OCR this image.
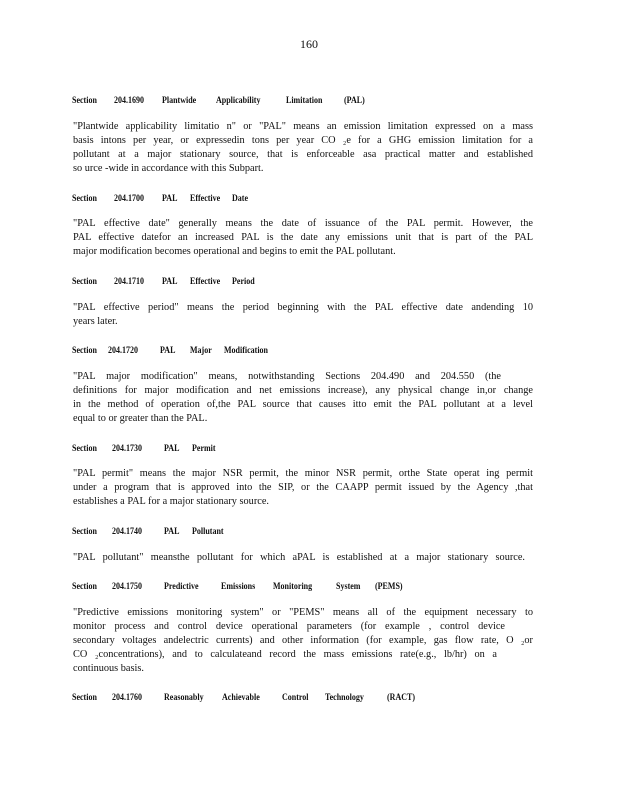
160
Section 204.1690 Plantwide Applicability	Limitation	(PAL)
"Plantwide applicability limitatio n" or "PAL" means an emission limitation expressed on a mass
basis intons per year, or expressedin tons per year CO ₂e for a GHG emission limitation for a
pollutant at a major stationary source, that is enforceable asa practical matter and established
so urce -wide in accordance with this Subpart.
Section 204.1700 PAL Effective Date
"PAL effective date" generally means the date of issuance of the PAL permit. However, the
PAL effective datefor an increased PAL is the date any emissions unit that is part of the PAL
major modification becomes operational and begins to emit the PAL pollutant.
Section 204.1710 PAL Effective Period
"PAL effective period" means the period beginning with the PAL effective date andending 10
years later.
Section 204.1720	PAL Major Modification
"PAL major modification" means, notwithstanding Sections 204.490 and 204.550 (the
definitions for major modification and net emissions increase), any physical change in,or change
in the method of operation of,the PAL source that causes itto emit the PAL pollutant at a level
equal to or greater than the PAL.
Section 204.1730	PAL Permit
"PAL permit" means the major NSR permit, the minor NSR permit, orthe State operat ing permit
under a program that is approved into the SIP, or the CAAPP permit issued by the Agency ,that
establishes a PAL for a major stationary source.
Section 204.1740	PAL Pollutant
"PAL pollutant" meansthe pollutant for which aPAL is established at a major stationary source.
Section 204.1750	Predictive	Emissions Monitoring	System (PEMS)
"Predictive emissions monitoring system" or "PEMS" means all of the equipment necessary to
monitor process and control device operational parameters (for example , control device
secondary voltages andelectric currents) and other information (for example, gas flow rate, O ₂or
CO ₂concentrations), and to calculateand record the mass emissions rate(e.g., lb/hr) on a
continuous basis.
Section 204.1760	Reasonably Achievable	Control Technology	(RACT)
